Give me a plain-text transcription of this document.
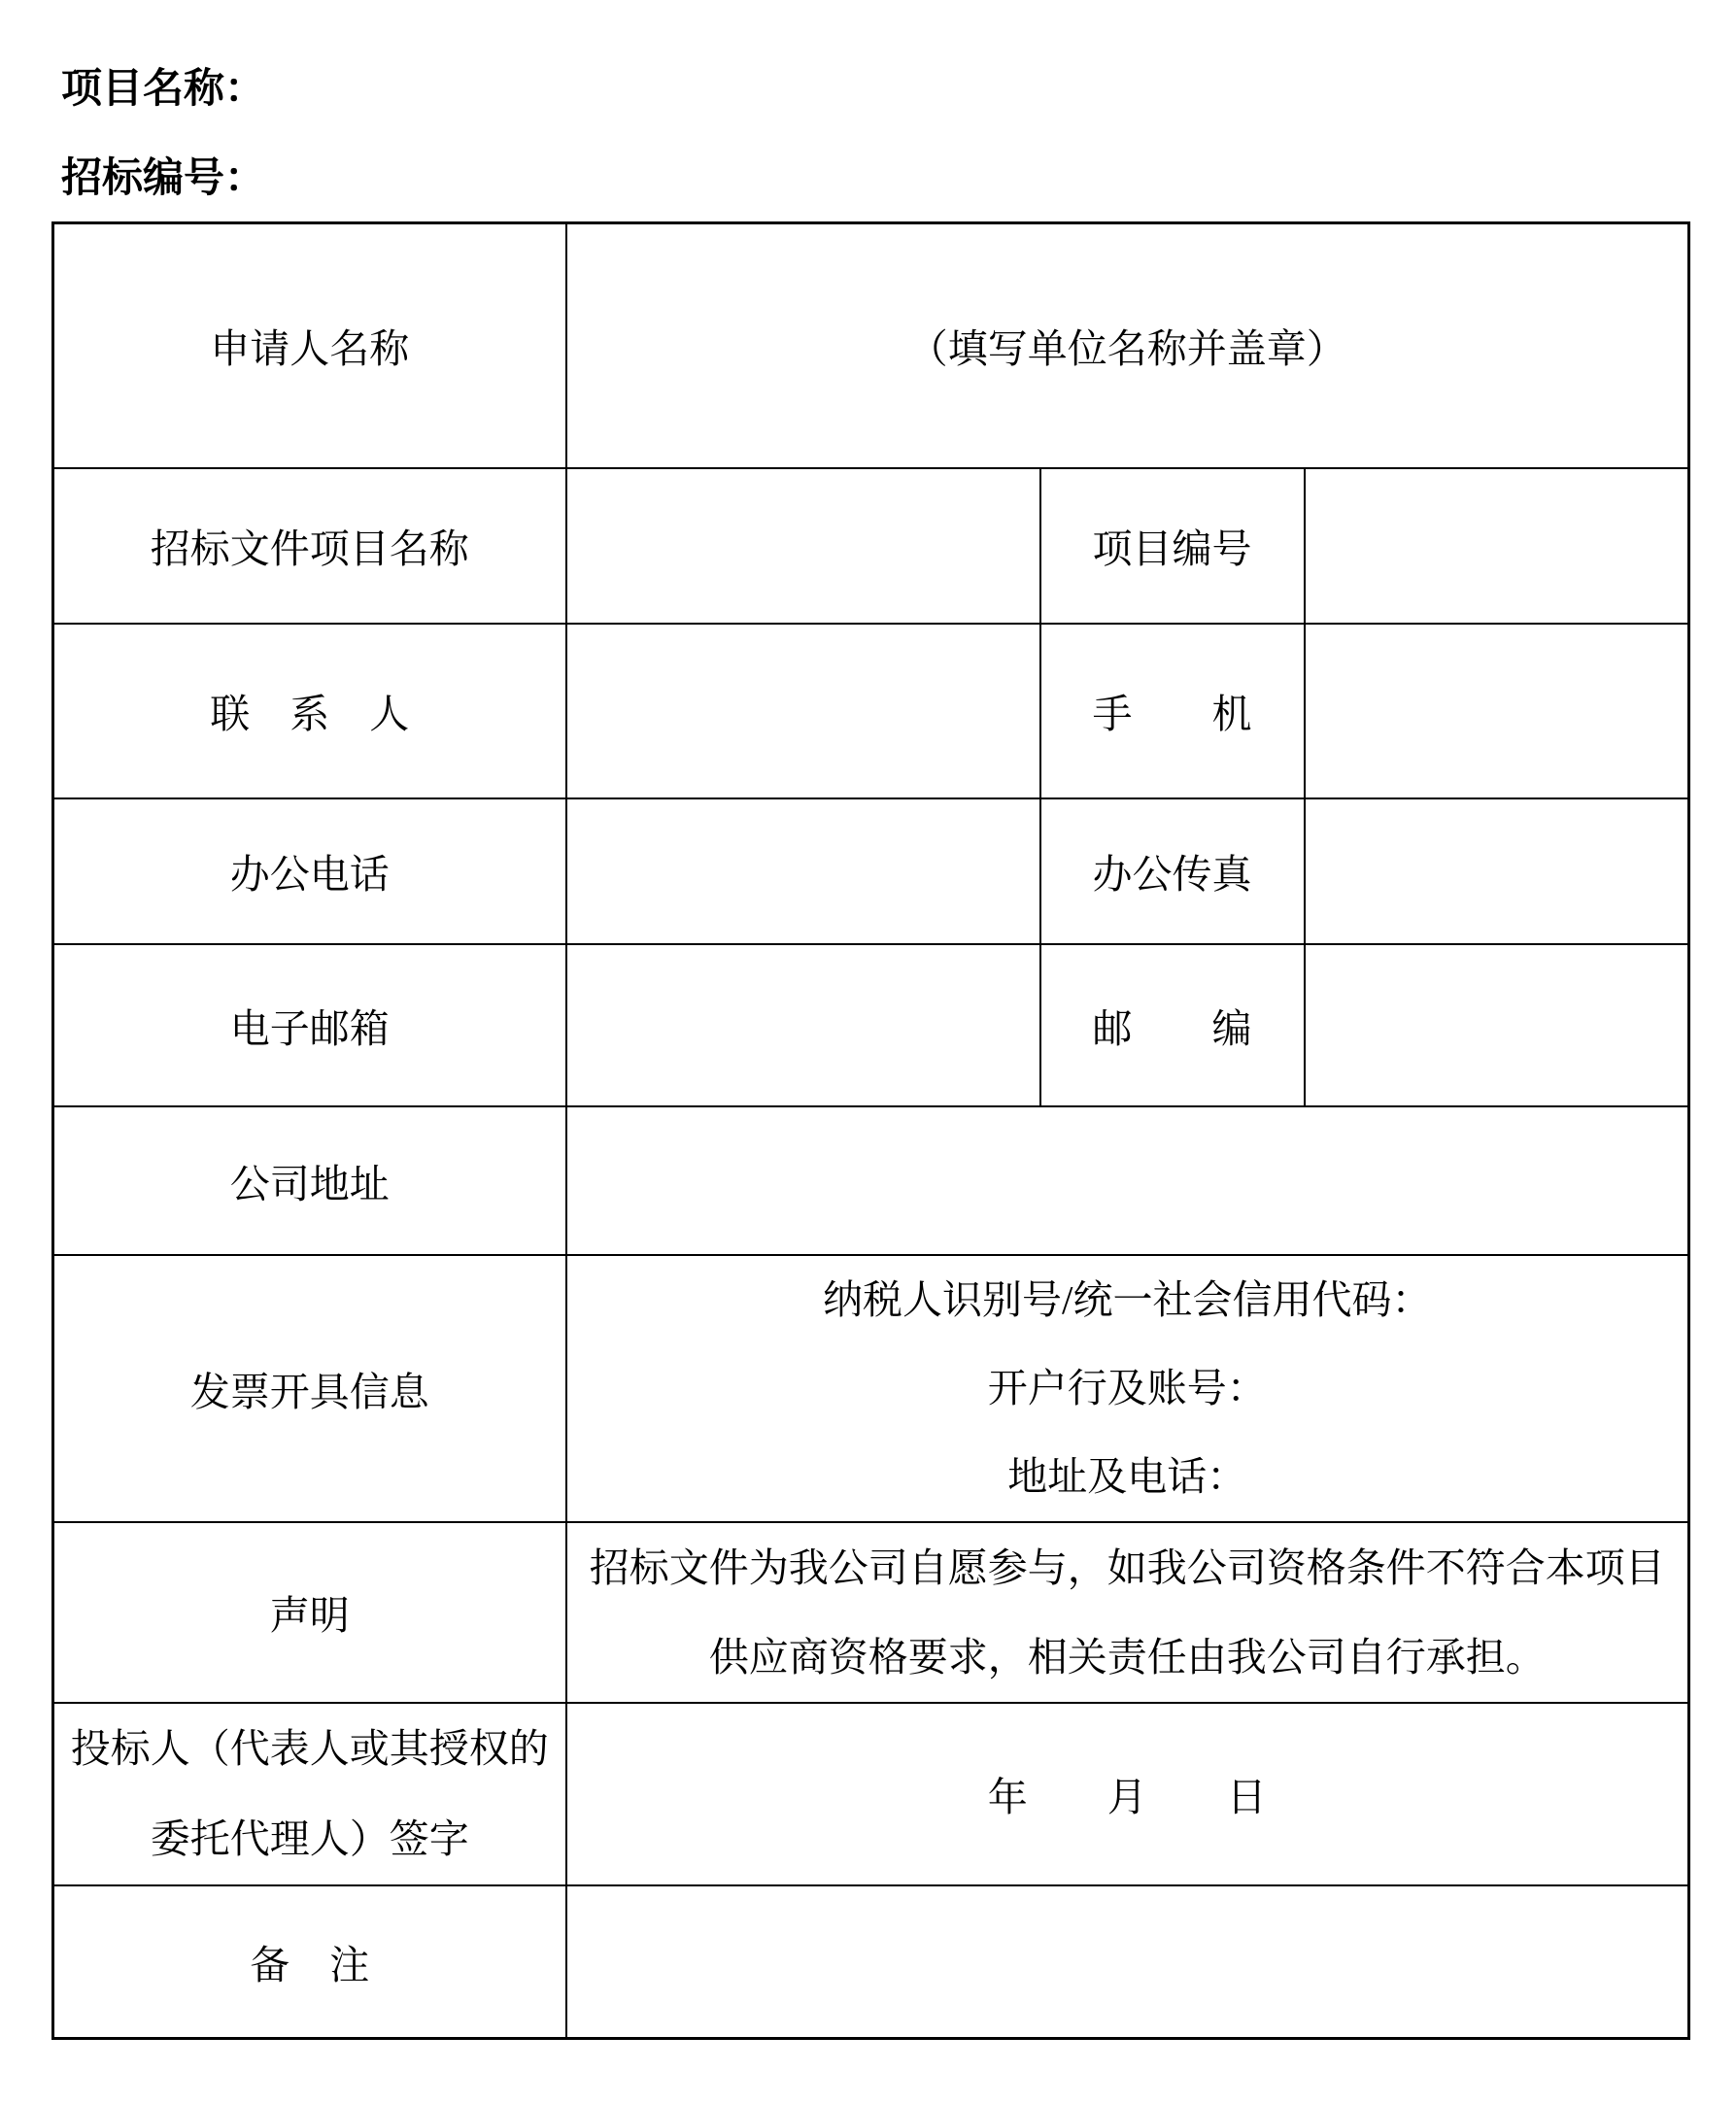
项目名称：
招标编号：
申请人名称	（填写单位名称并盖章）		
招标文件项目名称		项目编号	
联　系　人		手　　机	
办公电话		办公传真	
电子邮箱		邮　　编	
公司地址			
发票开具信息	纳税人识别号/统一社会信用代码：
开户行及账号：
地址及电话：		

声明	招标文件为我公司自愿参与，如我公司资格条件不符合本项目
供应商资格要求，相关责任由我公司自行承担。		

投标人（代表人或其授权的
委托代理人）签字	年　　月　　日		
备　注			
